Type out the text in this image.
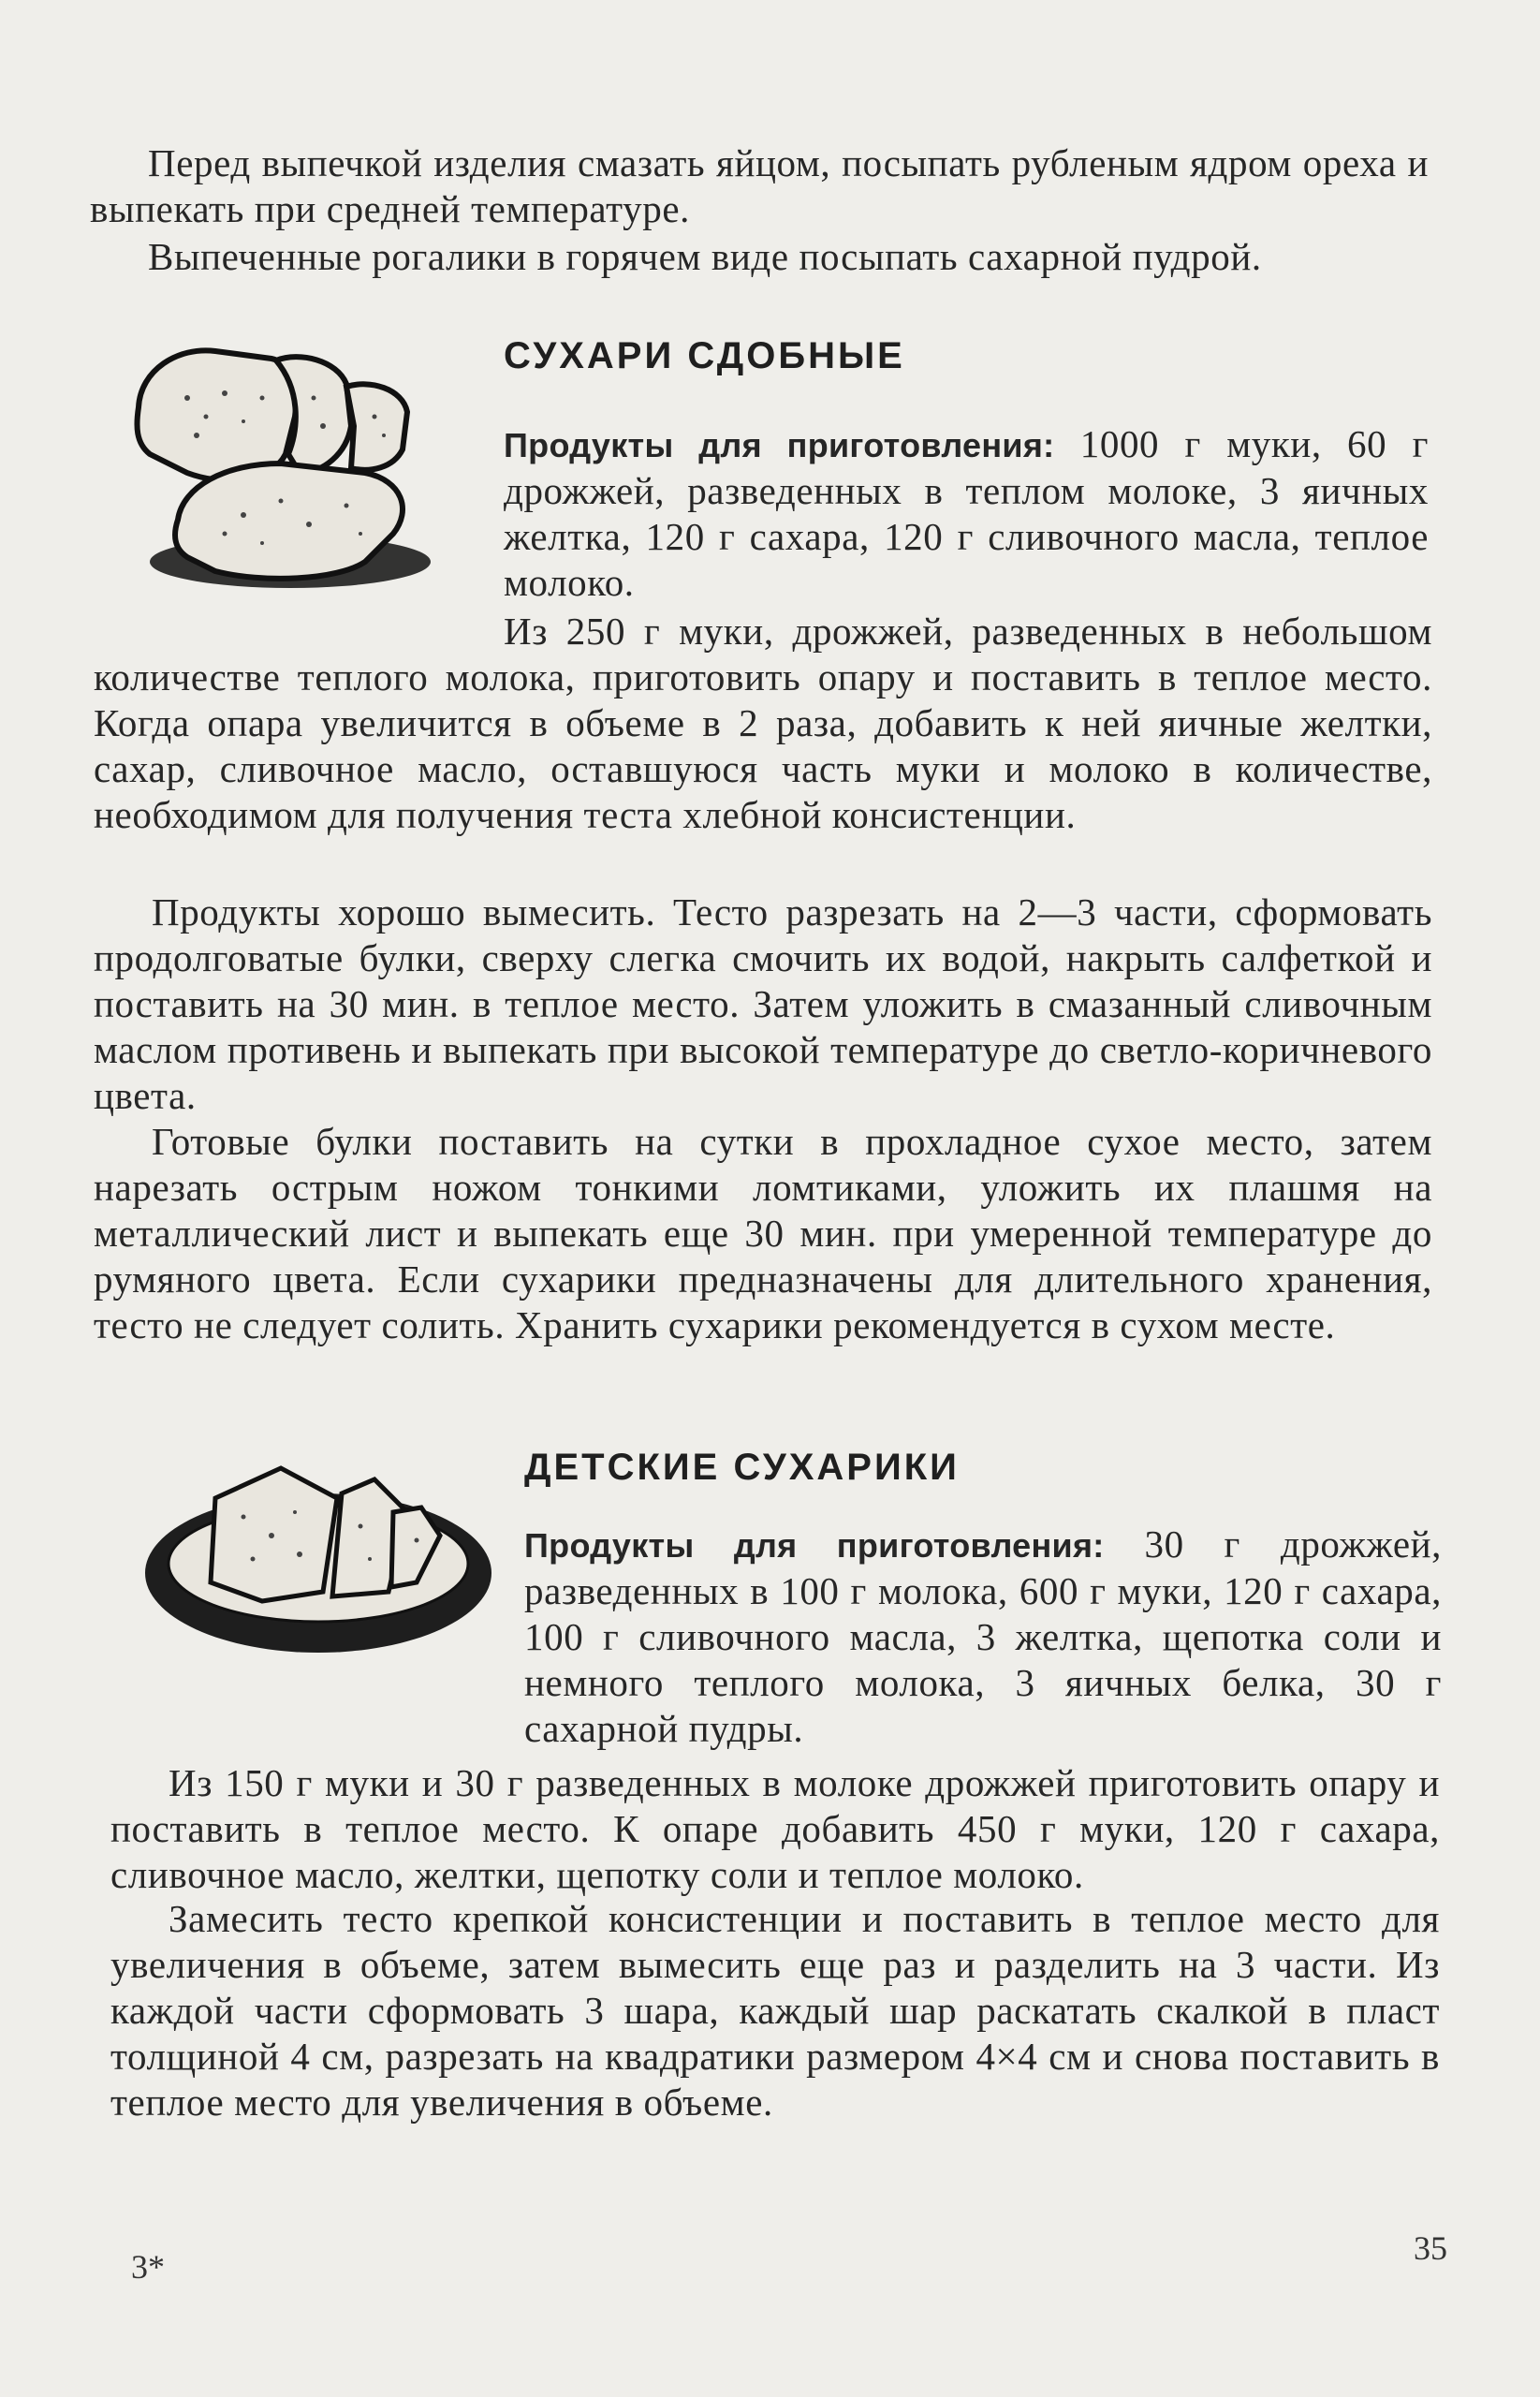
Перед выпечкой изделия смазать яйцом, посыпать рубленым ядром ореха и выпекать при средней температуре.

Выпеченные рогалики в горячем виде посыпать сахарной пудрой.

СУХАРИ СДОБНЫЕ

Продукты для приготовления: 1000 г муки, 60 г дрожжей, разведенных в теплом молоке, 3 яичных желтка, 120 г сахара, 120 г сливочного масла, теплое молоко.

Из 250 г муки, дрожжей, разведенных в небольшом количестве теплого молока, приготовить опару и поставить в теплое место. Когда опара увеличится в объеме в 2 раза, добавить к ней яичные желтки, сахар, сливочное масло, оставшуюся часть муки и молоко в количестве, необходимом для получения теста хлебной консистенции.

Продукты хорошо вымесить. Тесто разрезать на 2—3 части, сформовать продолговатые булки, сверху слегка смочить их водой, накрыть салфеткой и поставить на 30 мин. в теплое место. Затем уложить в смазанный сливочным маслом противень и выпекать при высокой температуре до светло-коричневого цвета.

Готовые булки поставить на сутки в прохладное сухое место, затем нарезать острым ножом тонкими ломтиками, уложить их плашмя на металлический лист и выпекать еще 30 мин. при умеренной температуре до румяного цвета. Если сухарики предназначены для длительного хранения, тесто не следует солить. Хранить сухарики рекомендуется в сухом месте.

ДЕТСКИЕ СУХАРИКИ

Продукты для приготовления: 30 г дрожжей, разведенных в 100 г молока, 600 г муки, 120 г сахара, 100 г сливочного масла, 3 желтка, щепотка соли и немного теплого молока, 3 яичных белка, 30 г сахарной пудры.

Из 150 г муки и 30 г разведенных в молоке дрожжей приготовить опару и поставить в теплое место. К опаре добавить 450 г муки, 120 г сахара, сливочное масло, желтки, щепотку соли и теплое молоко.

Замесить тесто крепкой консистенции и поставить в теплое место для увеличения в объеме, затем вымесить еще раз и разделить на 3 части. Из каждой части сформовать 3 шара, каждый шар раскатать скалкой в пласт толщиной 4 см, разрезать на квадратики размером 4×4 см и снова поставить в теплое место для увеличения в объеме.

3*	35
